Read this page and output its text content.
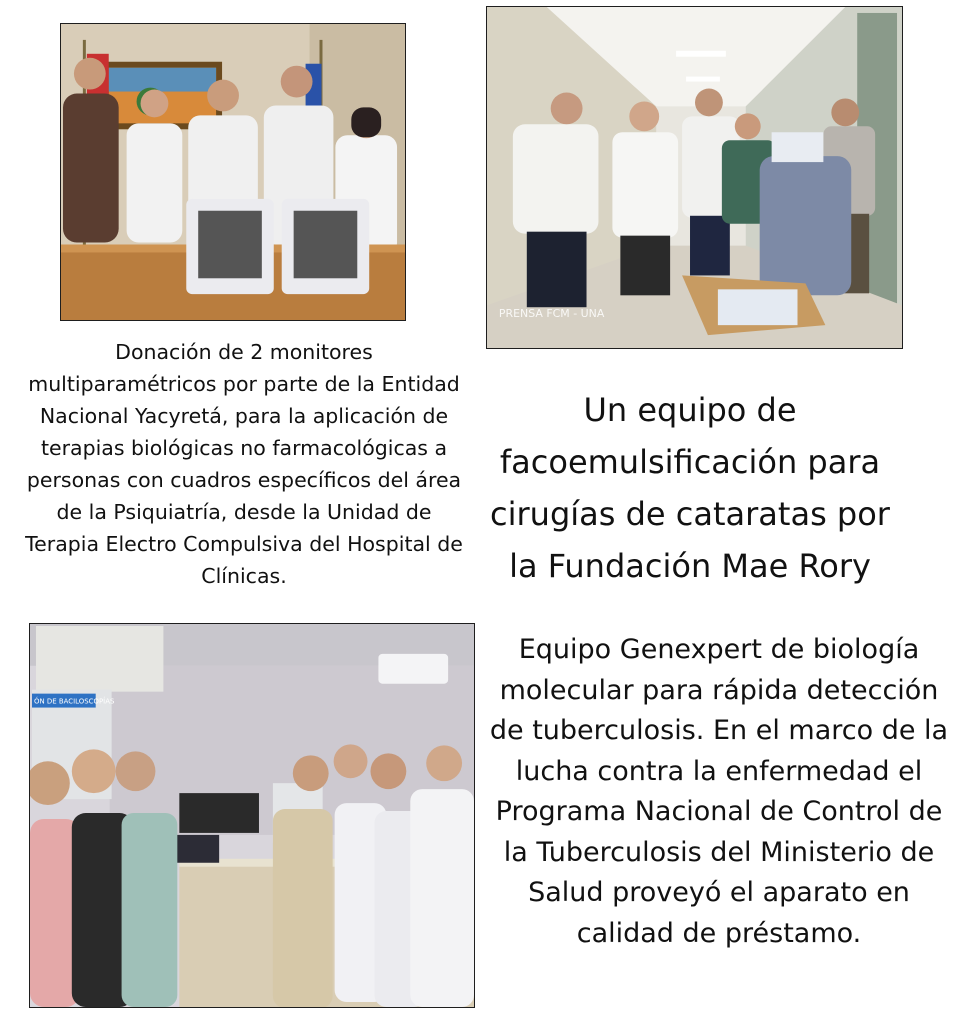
PRENSA FCM - UNA
ÓN DE BACILOSCOPÍAS

Donación de 2 monitores multiparamétricos por parte de la Entidad Nacional Yacyretá, para la aplicación de terapias biológicas no farmacológicas a personas con cuadros específicos del área de la Psiquiatría, desde la Unidad de Terapia Electro Compulsiva del Hospital de Clínicas.

Un equipo de facoemulsificación para cirugías de cataratas por la Fundación Mae Rory

Equipo Genexpert de biología molecular para rápida detección de tuberculosis. En el marco de la lucha contra la enfermedad el Programa Nacional de Control de la Tuberculosis del Ministerio de Salud proveyó el aparato en calidad de préstamo.
